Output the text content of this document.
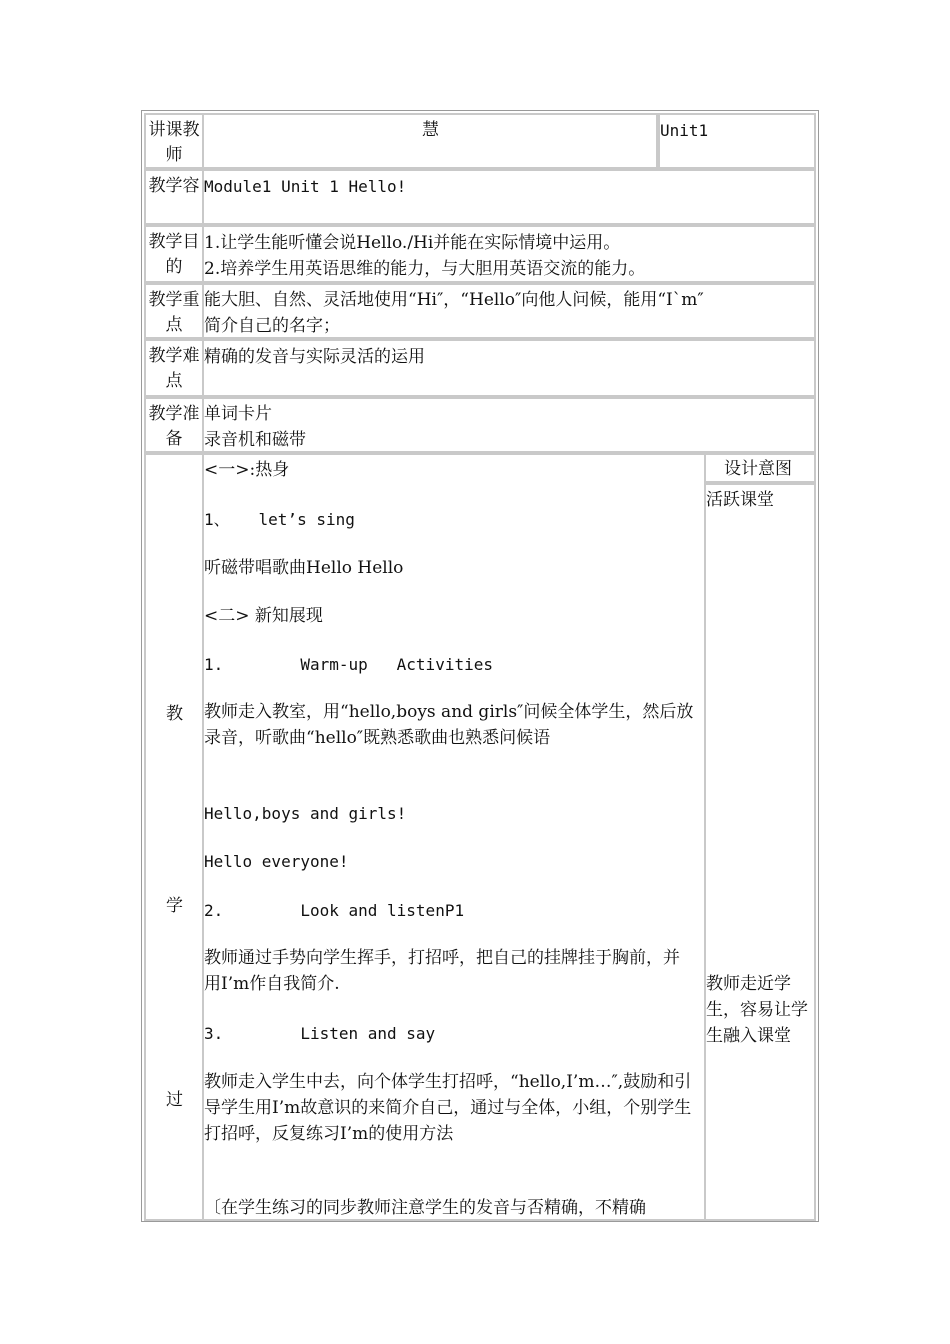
讲课教师
慧	Unit1
教学容 Module1 Unit 1 Hello!
教学目的
1.让学生能听懂会说Hello./Hi并能在实际情境中运用。
2.培养学生用英语思维的能力，与大胆用英语交流的能力。
教学重点
能大胆、自然、灵活地使用“Hi″，“Hello″向他人问候，能用“I`m″
简介自己的名字；
教学难点
精确的发音与实际灵活的运用
教学准备
单词卡片
录音机和磁带
教
学
过
<一>:热身
1、   let’s sing
听磁带唱歌曲Hello Hello
<二> 新知展现
1.        Warm-up   Activities
教师走入教室，用“hello,boys and girls″问候全体学生，然后放录音，听歌曲“hello″既熟悉歌曲也熟悉问候语
Hello,boys and girls!
Hello everyone!
2.        Look and listenP1
教师通过手势向学生挥手，打招呼，把自己的挂牌挂于胸前，并用I’m作自我简介.
3.        Listen and say
教师走入学生中去，向个体学生打招呼，“hello,I’m…″,鼓励和引导学生用I’m故意识的来简介自己，通过与全体，小组，个别学生打招呼，反复练习I’m的使用方法
〔在学生练习的同步教师注意学生的发音与否精确，不精确
设计意图
活跃课堂
教师走近学生，容易让学生融入课堂
